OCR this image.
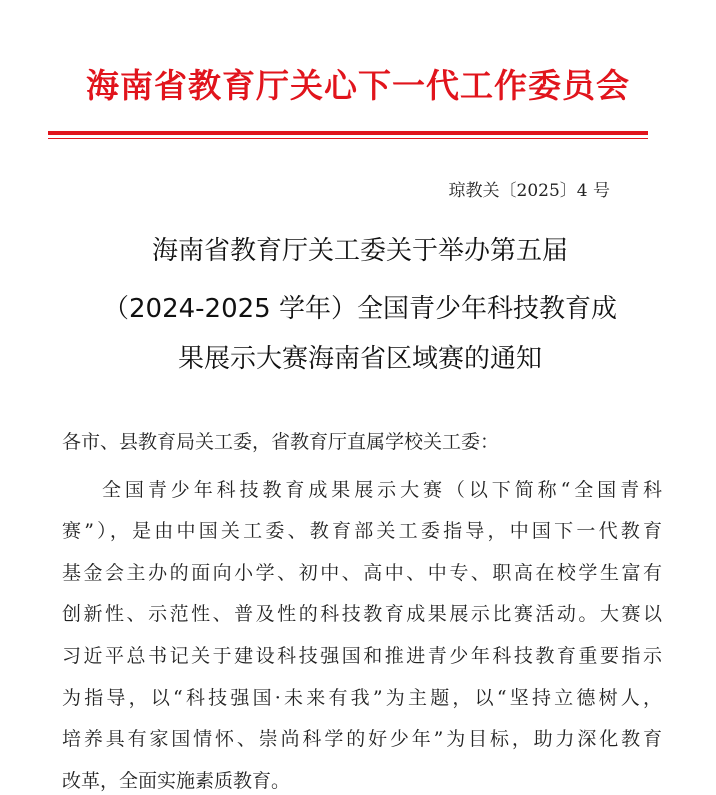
海南省教育厅关心下一代工作委员会
琼教关〔2025〕4 号
海南省教育厅关工委关于举办第五届
（2024-2025 学年）全国青少年科技教育成
果展示大赛海南省区域赛的通知
各市、县教育局关工委，省教育厅直属学校关工委：
全国青少年科技教育成果展示大赛（以下简称“全国青科
赛”），是由中国关工委、教育部关工委指导，中国下一代教育
基金会主办的面向小学、初中、高中、中专、职高在校学生富有
创新性、示范性、普及性的科技教育成果展示比赛活动。大赛以
习近平总书记关于建设科技强国和推进青少年科技教育重要指示
为指导，以“科技强国·未来有我”为主题，以“坚持立德树人，
培养具有家国情怀、崇尚科学的好少年”为目标，助力深化教育
改革，全面实施素质教育。
